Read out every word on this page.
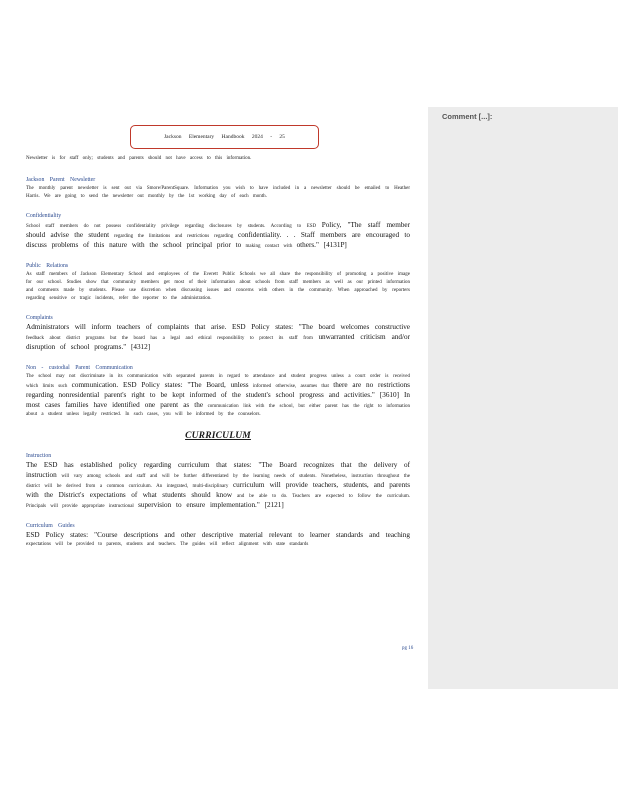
Comment [...]:
Jackson Elementary Handbook 2024 - 25

Newsletter is for staff only; students and parents should not have access to this information.

Jackson Parent Newsletter

The monthly parent newsletter is sent out via Smore/ParentSquare. Information you wish to have included in a newsletter should be emailed to Heather Harris. We are going to send the newsletter out monthly by the 1st working day of each month.

Confidentiality

School staff members do not possess confidentiality privilege regarding disclosures by students. According to ESD Policy, "The staff member should advise the student regarding the limitations and restrictions regarding confidentiality. . . Staff members are encouraged to discuss problems of this nature with the school principal prior to making contact with others." [4131P]

Public Relations

As staff members of Jackson Elementary School and employees of the Everett Public Schools we all share the responsibility of promoting a positive image for our school. Studies show that community members get most of their information about schools from staff members as well as our printed information and comments made by students. Please use discretion when discussing issues and concerns with others in the community. When approached by reporters regarding sensitive or tragic incidents, refer the reporter to the administration.

Complaints

Administrators will inform teachers of complaints that arise. ESD Policy states: "The board welcomes constructive feedback about district programs but the board has a legal and ethical responsibility to protect its staff from unwarranted criticism and/or disruption of school programs." [4312]

Non - custodial Parent Communication

The school may not discriminate in its communication with separated parents in regard to attendance and student progress unless a court order is received which limits such communication. ESD Policy states: "The Board, unless informed otherwise, assumes that there are no restrictions regarding nonresidential parent's right to be kept informed of the student's school progress and activities." [3610] In most cases families have identified one parent as the communication link with the school, but either parent has the right to information about a student unless legally restricted. In such cases, you will be informed by the counselors.

CURRICULUM
Instruction

The ESD has established policy regarding curriculum that states: "The Board recognizes that the delivery of instruction will vary among schools and staff and will be further differentiated by the learning needs of students. Nonetheless, instruction throughout the district will be derived from a common curriculum. An integrated, multi-disciplinary curriculum will provide teachers, students, and parents with the District's expectations of what students should know and be able to do. Teachers are expected to follow the curriculum. Principals will provide appropriate instructional supervision to ensure implementation." [2121]

Curriculum Guides

ESD Policy states: "Course descriptions and other descriptive material relevant to learner standards and teaching expectations will be provided to parents, students and teachers. The guides will reflect alignment with state standards

pg 16
